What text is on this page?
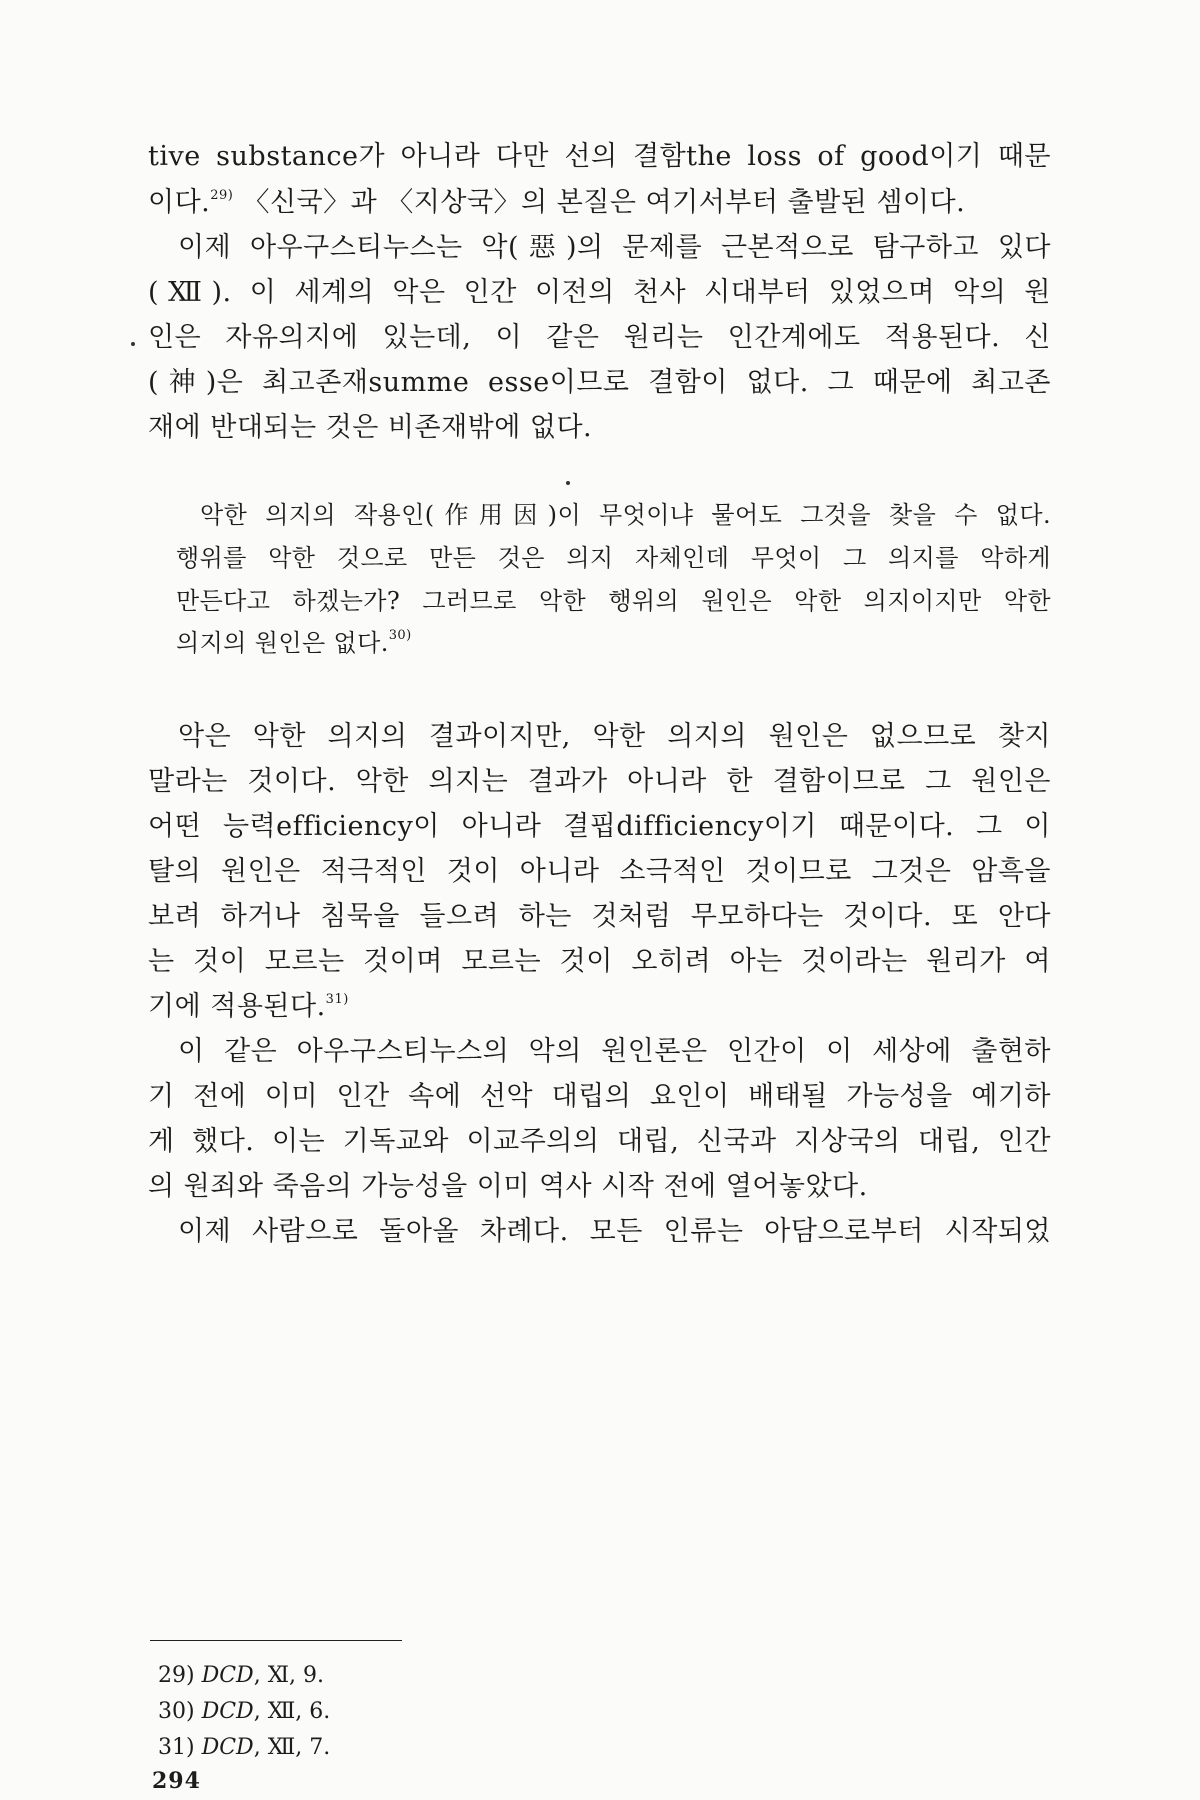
tive substance가 아니라 다만 선의 결함the loss of good이기 때문
이다.$^{29)}$ 〈신국〉과 〈지상국〉의 본질은 여기서부터 출발된 셈이다.
이제 아우구스티누스는 악(惡)의 문제를 근본적으로 탐구하고 있다
(Ⅻ). 이 세계의 악은 인간 이전의 천사 시대부터 있었으며 악의 원
인은 자유의지에 있는데, 이 같은 원리는 인간계에도 적용된다. 신
(神)은 최고존재summe esse이므로 결함이 없다. 그 때문에 최고존
재에 반대되는 것은 비존재밖에 없다.
악한 의지의 작용인(作用因)이 무엇이냐 물어도 그것을 찾을 수 없다.
행위를 악한 것으로 만든 것은 의지 자체인데 무엇이 그 의지를 악하게
만든다고 하겠는가? 그러므로 악한 행위의 원인은 악한 의지이지만 악한
의지의 원인은 없다.$^{30)}$
악은 악한 의지의 결과이지만, 악한 의지의 원인은 없으므로 찾지
말라는 것이다. 악한 의지는 결과가 아니라 한 결함이므로 그 원인은
어떤 능력efficiency이 아니라 결핍difficiency이기 때문이다. 그 이
탈의 원인은 적극적인 것이 아니라 소극적인 것이므로 그것은 암흑을
보려 하거나 침묵을 들으려 하는 것처럼 무모하다는 것이다. 또 안다
는 것이 모르는 것이며 모르는 것이 오히려 아는 것이라는 원리가 여
기에 적용된다.$^{31)}$
이 같은 아우구스티누스의 악의 원인론은 인간이 이 세상에 출현하
기 전에 이미 인간 속에 선악 대립의 요인이 배태될 가능성을 예기하
게 했다. 이는 기독교와 이교주의의 대립, 신국과 지상국의 대립, 인간
의 원죄와 죽음의 가능성을 이미 역사 시작 전에 열어놓았다.
이제 사람으로 돌아올 차례다. 모든 인류는 아담으로부터 시작되었
29) DCD, Ⅺ, 9.
30) DCD, Ⅻ, 6.
31) DCD, Ⅻ, 7.
294
